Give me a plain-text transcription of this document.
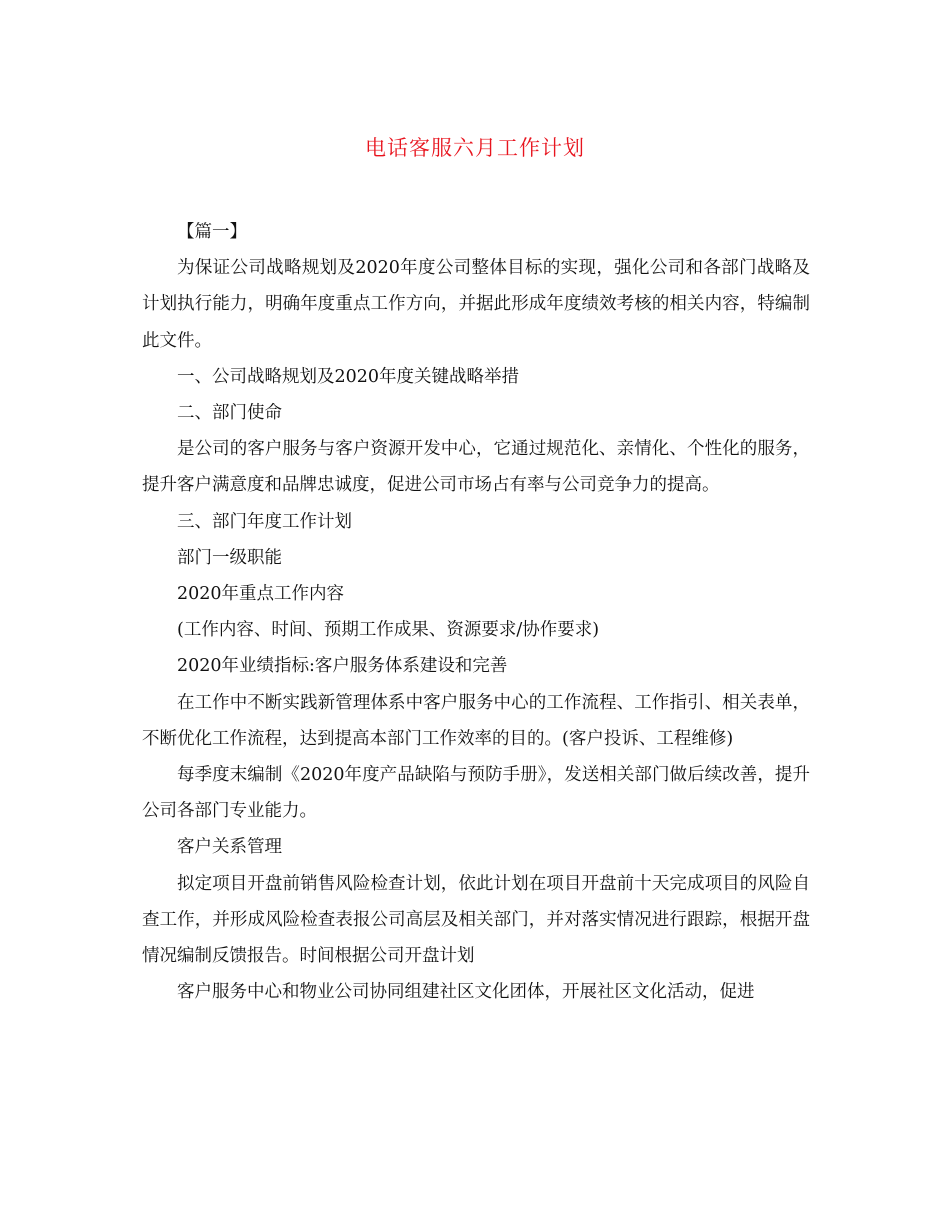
电话客服六月工作计划

【篇一】

为保证公司战略规划及2020年度公司整体目标的实现，强化公司和各部门战略及计划执行能力，明确年度重点工作方向，并据此形成年度绩效考核的相关内容，特编制此文件。

一、公司战略规划及2020年度关键战略举措

二、部门使命

是公司的客户服务与客户资源开发中心，它通过规范化、亲情化、个性化的服务，提升客户满意度和品牌忠诚度，促进公司市场占有率与公司竞争力的提高。

三、部门年度工作计划

部门一级职能

2020年重点工作内容

(工作内容、时间、预期工作成果、资源要求/协作要求)

2020年业绩指标:客户服务体系建设和完善

在工作中不断实践新管理体系中客户服务中心的工作流程、工作指引、相关表单，不断优化工作流程，达到提高本部门工作效率的目的。(客户投诉、工程维修)

每季度末编制《2020年度产品缺陷与预防手册》，发送相关部门做后续改善，提升公司各部门专业能力。

客户关系管理

拟定项目开盘前销售风险检查计划，依此计划在项目开盘前十天完成项目的风险自查工作，并形成风险检查表报公司高层及相关部门，并对落实情况进行跟踪，根据开盘情况编制反馈报告。时间根据公司开盘计划

客户服务中心和物业公司协同组建社区文化团体，开展社区文化活动，促进
